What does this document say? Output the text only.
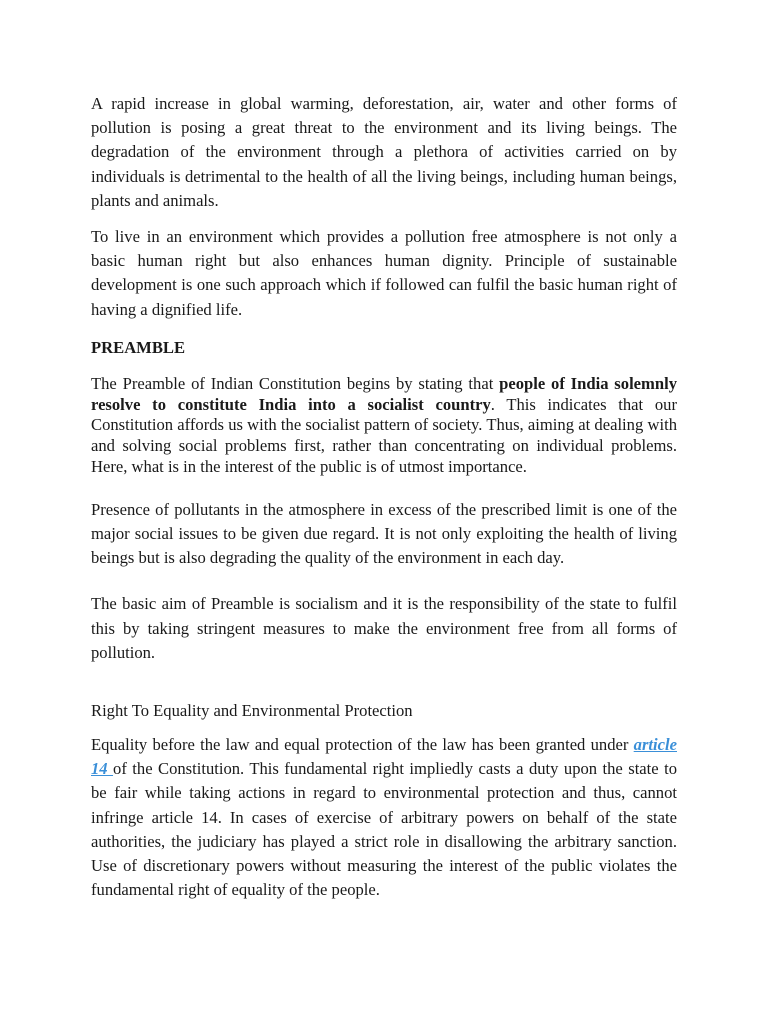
A rapid increase in global warming, deforestation, air, water and other forms of pollution is posing a great threat to the environment and its living beings. The degradation of the environment through a plethora of activities carried on by individuals is detrimental to the health of all the living beings, including human beings, plants and animals.

To live in an environment which provides a pollution free atmosphere is not only a basic human right but also enhances human dignity. Principle of sustainable development is one such approach which if followed can fulfil the basic human right of having a dignified life.

PREAMBLE

The Preamble of Indian Constitution begins by stating that people of India solemnly resolve to constitute India into a socialist country. This indicates that our Constitution affords us with the socialist pattern of society. Thus, aiming at dealing with and solving social problems first, rather than concentrating on individual problems. Here, what is in the interest of the public is of utmost importance.

Presence of pollutants in the atmosphere in excess of the prescribed limit is one of the major social issues to be given due regard. It is not only exploiting the health of living beings but is also degrading the quality of the environment in each day.

The basic aim of Preamble is socialism and it is the responsibility of the state to fulfil this by taking stringent measures to make the environment free from all forms of pollution.

Right To Equality and Environmental Protection

Equality before the law and equal protection of the law has been granted under article 14 of the Constitution. This fundamental right impliedly casts a duty upon the state to be fair while taking actions in regard to environmental protection and thus, cannot infringe article 14. In cases of exercise of arbitrary powers on behalf of the state authorities, the judiciary has played a strict role in disallowing the arbitrary sanction. Use of discretionary powers without measuring the interest of the public violates the fundamental right of equality of the people.
